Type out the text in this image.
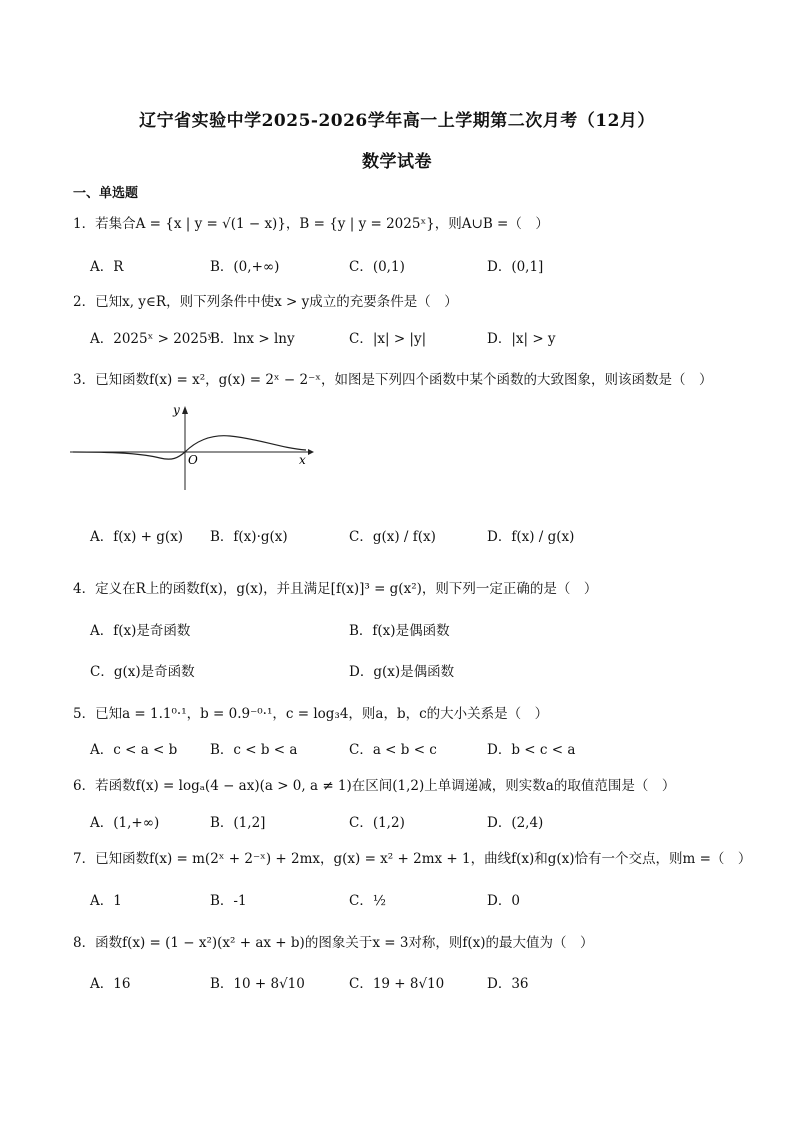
辽宁省实验中学2025-2026学年高一上学期第二次月考（12月）
数学试卷
一、单选题
1．若集合A = {x | y = √(1 − x)}，B = {y | y = 2025ˣ}，则A∪B =（　）
A．R	B．(0,+∞)	C．(0,1)	D．(0,1]
2．已知x, y∈R，则下列条件中使x > y成立的充要条件是（　）
A．2025ˣ > 2025ʸ
B．lnx > lny	C．|x| > |y|	D．|x| > y
3．已知函数f(x) = x²，g(x) = 2ˣ − 2⁻ˣ，如图是下列四个函数中某个函数的大致图象，则该函数是（　）
y
x
O
A．f(x) + g(x) B．f(x)·g(x)	C．g(x) / f(x)	D．f(x) / g(x)
4．定义在R上的函数f(x)，g(x)，并且满足[f(x)]³ = g(x²)，则下列一定正确的是（　）
A．f(x)是奇函数	B．f(x)是偶函数
C．g(x)是奇函数	D．g(x)是偶函数
5．已知a = 1.1⁰·¹，b = 0.9⁻⁰·¹，c = log₃4，则a，b，c的大小关系是（　）
A．c < a < b B．c < b < a	C．a < b < c	D．b < c < a
6．若函数f(x) = logₐ(4 − ax)(a > 0, a ≠ 1)在区间(1,2)上单调递减，则实数a的取值范围是（　）
A．(1,+∞)	B．(1,2]	C．(1,2)	D．(2,4)
7．已知函数f(x) = m(2ˣ + 2⁻ˣ) + 2mx，g(x) = x² + 2mx + 1，曲线f(x)和g(x)恰有一个交点，则m =（　）
A．1	B．-1	C．½	D．0
8．函数f(x) = (1 − x²)(x² + ax + b)的图象关于x = 3对称，则f(x)的最大值为（　）
A．16	B．10 + 8√10	C．19 + 8√10	D．36
